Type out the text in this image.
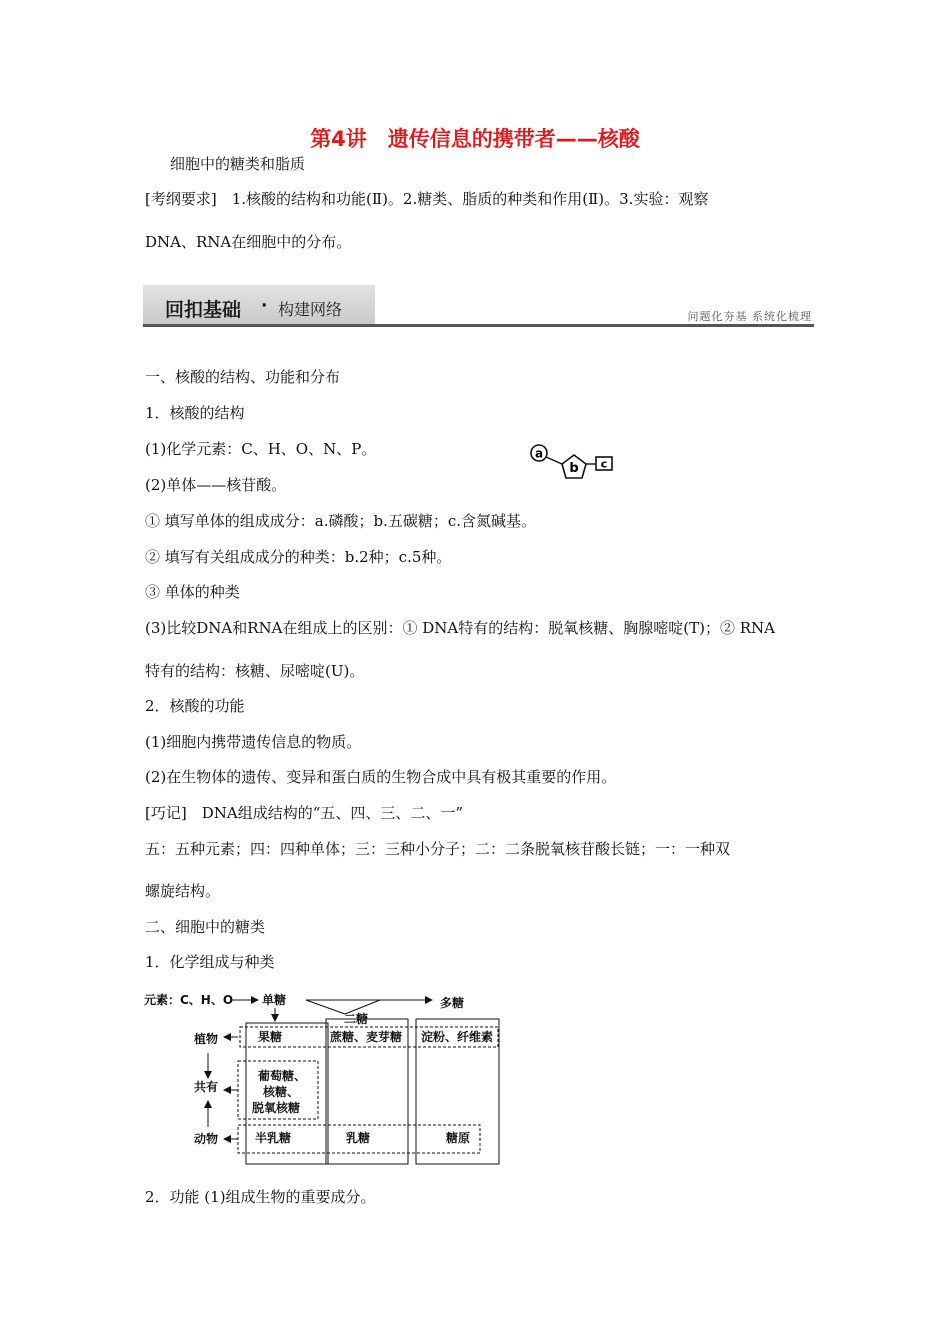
第4讲　遗传信息的携带者——核酸
细胞中的糖类和脂质
[考纲要求]　1.核酸的结构和功能(Ⅱ)。2.糖类、脂质的种类和作用(Ⅱ)。3.实验：观察
DNA、RNA在细胞中的分布。
回扣基础 · 构建网络	问题化夯基 系统化梳理
一、核酸的结构、功能和分布
1．核酸的结构
(1)化学元素：C、H、O、N、P。
(2)单体——核苷酸。
① 填写单体的组成成分：a.磷酸；b.五碳糖；c.含氮碱基。
② 填写有关组成成分的种类：b.2种；c.5种。
③ 单体的种类
(3)比较DNA和RNA在组成上的区别：① DNA特有的结构：脱氧核糖、胸腺嘧啶(T)；② RNA
特有的结构：核糖、尿嘧啶(U)。
2．核酸的功能
(1)细胞内携带遗传信息的物质。
(2)在生物体的遗传、变异和蛋白质的生物合成中具有极其重要的作用。
[巧记]　DNA组成结构的“五、四、三、二、一”
五：五种元素；四：四种单体；三：三种小分子；二：二条脱氧核苷酸长链；一：一种双
螺旋结构。
二、细胞中的糖类
1．化学组成与种类
2．功能 (1)组成生物的重要成分。
a
b c
元素：C、H、O 单糖	多糖
二糖
植物
共有
动物
果糖	蔗糖、麦芽糖 淀粉、纤维素
葡萄糖、
核糖、
脱氧核糖
半乳糖	乳糖	糖原
